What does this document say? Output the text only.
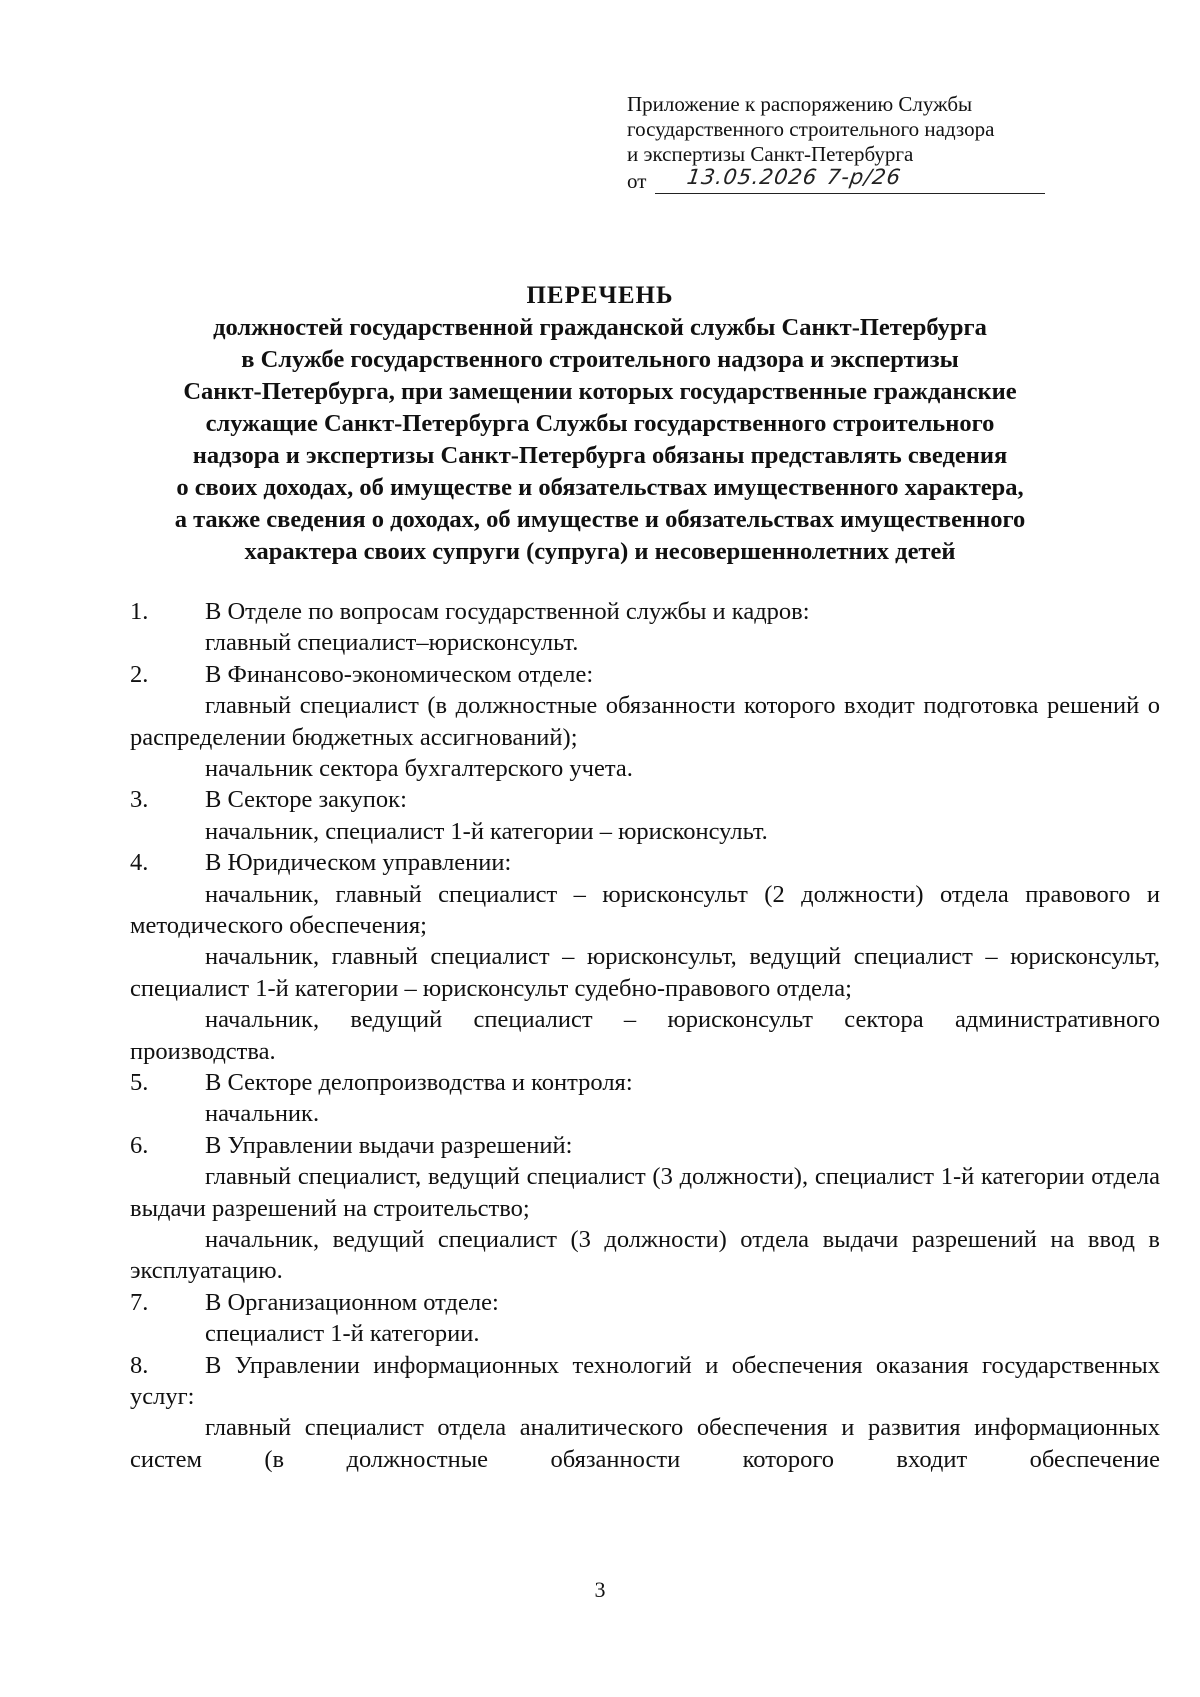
Приложение к распоряжению Службы
государственного строительного надзора
и экспертизы Санкт-Петербурга
от 13.05.2026 7-р/26
ПЕРЕЧЕНЬ
должностей государственной гражданской службы Санкт-Петербурга
в Службе государственного строительного надзора и экспертизы
Санкт-Петербурга, при замещении которых государственные гражданские
служащие Санкт-Петербурга Службы государственного строительного
надзора и экспертизы Санкт-Петербурга обязаны представлять сведения
о своих доходах, об имуществе и обязательствах имущественного характера,
а также сведения о доходах, об имуществе и обязательствах имущественного
характера своих супруги (супруга) и несовершеннолетних детей
1. В Отделе по вопросам государственной службы и кадров:
главный специалист–юрисконсульт.
2. В Финансово-экономическом отделе:
главный специалист (в должностные обязанности которого входит подготовка решений о распределении бюджетных ассигнований);
начальник сектора бухгалтерского учета.
3. В Секторе закупок:
начальник, специалист 1-й категории – юрисконсульт.
4. В Юридическом управлении:
начальник, главный специалист – юрисконсульт (2 должности) отдела правового и методического обеспечения;
начальник, главный специалист – юрисконсульт, ведущий специалист – юрисконсульт, специалист 1-й категории – юрисконсульт судебно-правового отдела;
начальник, ведущий специалист – юрисконсульт сектора административного производства.
5. В Секторе делопроизводства и контроля:
начальник.
6. В Управлении выдачи разрешений:
главный специалист, ведущий специалист (3 должности), специалист 1-й категории отдела выдачи разрешений на строительство;
начальник, ведущий специалист (3 должности) отдела выдачи разрешений на ввод в эксплуатацию.
7. В Организационном отделе:
специалист 1-й категории.
8. В Управлении информационных технологий и обеспечения оказания государственных услуг:
главный специалист отдела аналитического обеспечения и развития информационных систем (в должностные обязанности которого входит обеспечение
3
